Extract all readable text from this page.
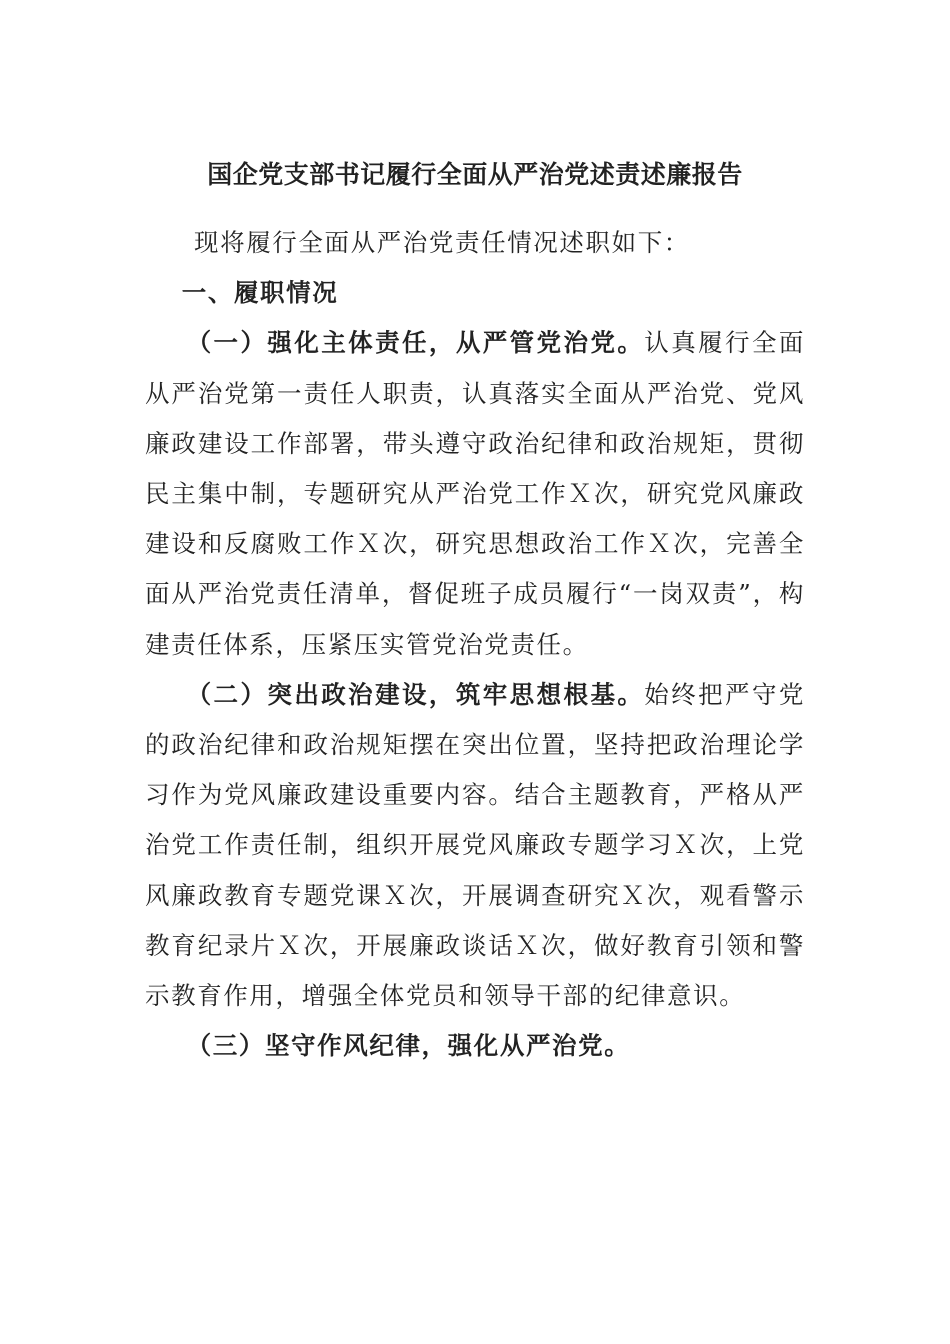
国企党支部书记履行全面从严治党述责述廉报告

现将履行全面从严治党责任情况述职如下：

一、履职情况

（一）强化主体责任，从严管党治党。认真履行全面从严治党第一责任人职责，认真落实全面从严治党、党风廉政建设工作部署，带头遵守政治纪律和政治规矩，贯彻民主集中制，专题研究从严治党工作Ｘ次，研究党风廉政建设和反腐败工作Ｘ次，研究思想政治工作Ｘ次，完善全面从严治党责任清单，督促班子成员履行“一岗双责”，构建责任体系，压紧压实管党治党责任。

（二）突出政治建设，筑牢思想根基。始终把严守党的政治纪律和政治规矩摆在突出位置，坚持把政治理论学习作为党风廉政建设重要内容。结合主题教育，严格从严治党工作责任制，组织开展党风廉政专题学习Ｘ次，上党风廉政教育专题党课Ｘ次，开展调查研究Ｘ次，观看警示教育纪录片Ｘ次，开展廉政谈话Ｘ次，做好教育引领和警示教育作用，增强全体党员和领导干部的纪律意识。

（三）坚守作风纪律，强化从严治党。
